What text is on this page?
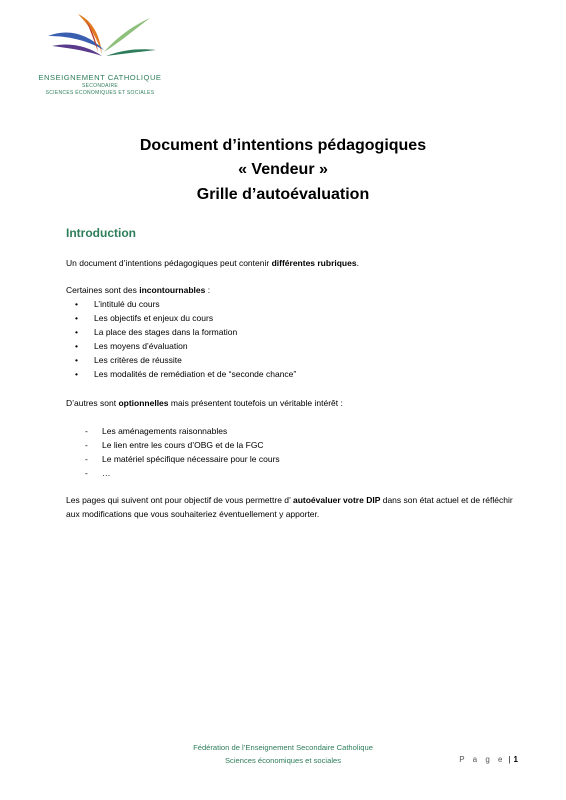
ENSEIGNEMENT CATHOLIQUE
SECONDAIRE
SCIENCES ÉCONOMIQUES ET SOCIALES
Document d’intentions pédagogiques
« Vendeur »
Grille d’autoévaluation
Introduction
Un document d’intentions pédagogiques peut contenir différentes rubriques.
Certaines sont des incontournables :
• L’intitulé du cours
• Les objectifs et enjeux du cours
• La place des stages dans la formation
• Les moyens d’évaluation
• Les critères de réussite
• Les modalités de remédiation et de “seconde chance”
D’autres sont optionnelles mais présentent toutefois un véritable intérêt :
- Les aménagements raisonnables
- Le lien entre les cours d’OBG et de la FGC
- Le matériel spécifique nécessaire pour le cours
- …
Les pages qui suivent ont pour objectif de vous permettre d’ autoévaluer votre DIP dans son état actuel et de réfléchir aux modifications que vous souhaiteriez éventuellement y apporter.
Fédération de l’Enseignement Secondaire Catholique
Sciences économiques et sociales	P a g e | 1
